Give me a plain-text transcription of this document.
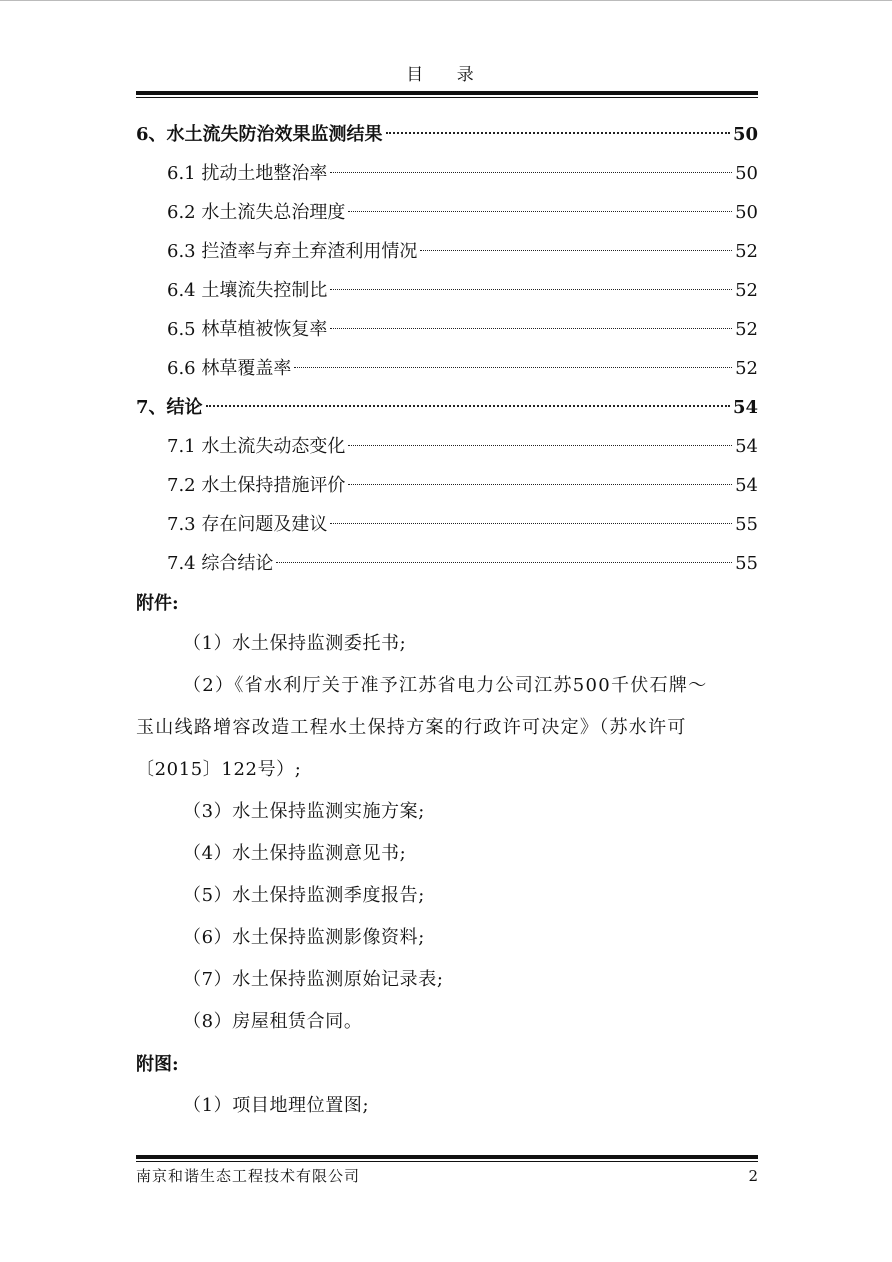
目 录
6、水土流失防治效果监测结果	50
6.1 扰动土地整治率	50
6.2 水土流失总治理度	50
6.3 拦渣率与弃土弃渣利用情况	52
6.4 土壤流失控制比	52
6.5 林草植被恢复率	52
6.6 林草覆盖率	52
7、结论	54
7.1 水土流失动态变化	54
7.2 水土保持措施评价	54
7.3 存在问题及建议	55
7.4 综合结论	55
附件:
（1）水土保持监测委托书;
（2）《省水利厅关于准予江苏省电力公司江苏500千伏石牌～
玉山线路增容改造工程水土保持方案的行政许可决定》（苏水许可
〔2015〕122号）;
（3）水土保持监测实施方案;
（4）水土保持监测意见书;
（5）水土保持监测季度报告;
（6）水土保持监测影像资料;
（7）水土保持监测原始记录表;
（8）房屋租赁合同。
附图:
（1）项目地理位置图;
南京和谐生态工程技术有限公司	2
